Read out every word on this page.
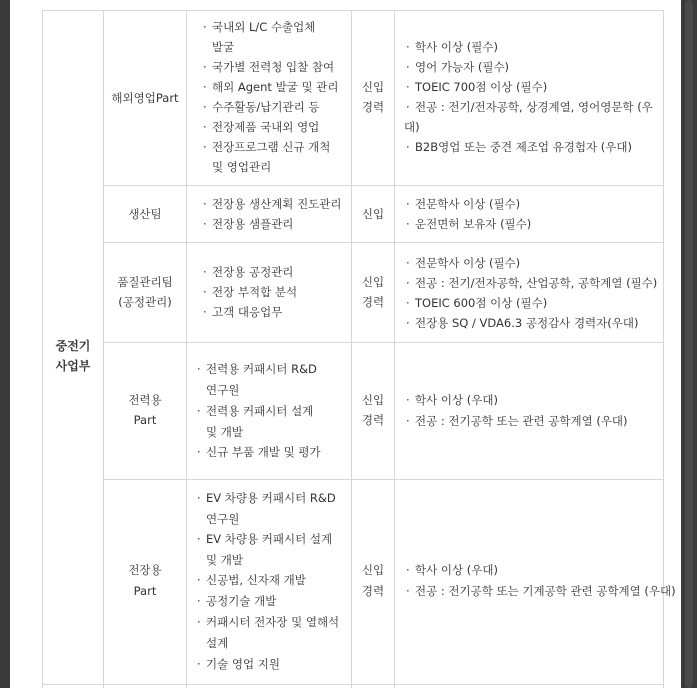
중전기
사업부
해외영업Part
· 국내외 L/C 수출업체
발굴
· 국가별 전력청 입찰 참여
· 해외 Agent 발굴 및 관리
· 수주활동/납기관리 등
· 전장제품 국내외 영업
· 전장프로그램 신규 개척
및 영업관리
신입
경력
· 학사 이상 (필수)
· 영어 가능자 (필수)
· TOEIC 700점 이상 (필수)
· 전공 : 전기/전자공학, 상경계열, 영어영문학 (우
대)
· B2B영업 또는 중견 제조업 유경험자 (우대)
생산팀
· 전장용 생산계획 진도관리
· 전장용 샘플관리
신입
· 전문학사 이상 (필수)
· 운전면허 보유자 (필수)
품질관리팀
(공정관리)
· 전장용 공정관리
· 전장 부적합 분석
· 고객 대응업무
신입
경력
· 전문학사 이상 (필수)
· 전공 : 전기/전자공학, 산업공학, 공학계열 (필수)
· TOEIC 600점 이상 (필수)
· 전장용 SQ / VDA6.3 공정감사 경력자(우대)
전력용
Part
· 전력용 커패시터 R&D
연구원
· 전력용 커패시터 설계
및 개발
· 신규 부품 개발 및 평가
신입
경력
· 학사 이상 (우대)
· 전공 : 전기공학 또는 관련 공학계열 (우대)
전장용
Part
· EV 차량용 커패시터 R&D
연구원
· EV 차량용 커패시터 설계
및 개발
· 신공법, 신자재 개발
· 공정기술 개발
· 커패시터 전자장 및 열해석
설계
· 기술 영업 지원
신입
경력
· 학사 이상 (우대)
· 전공 : 전기공학 또는 기계공학 관련 공학계열 (우대)
